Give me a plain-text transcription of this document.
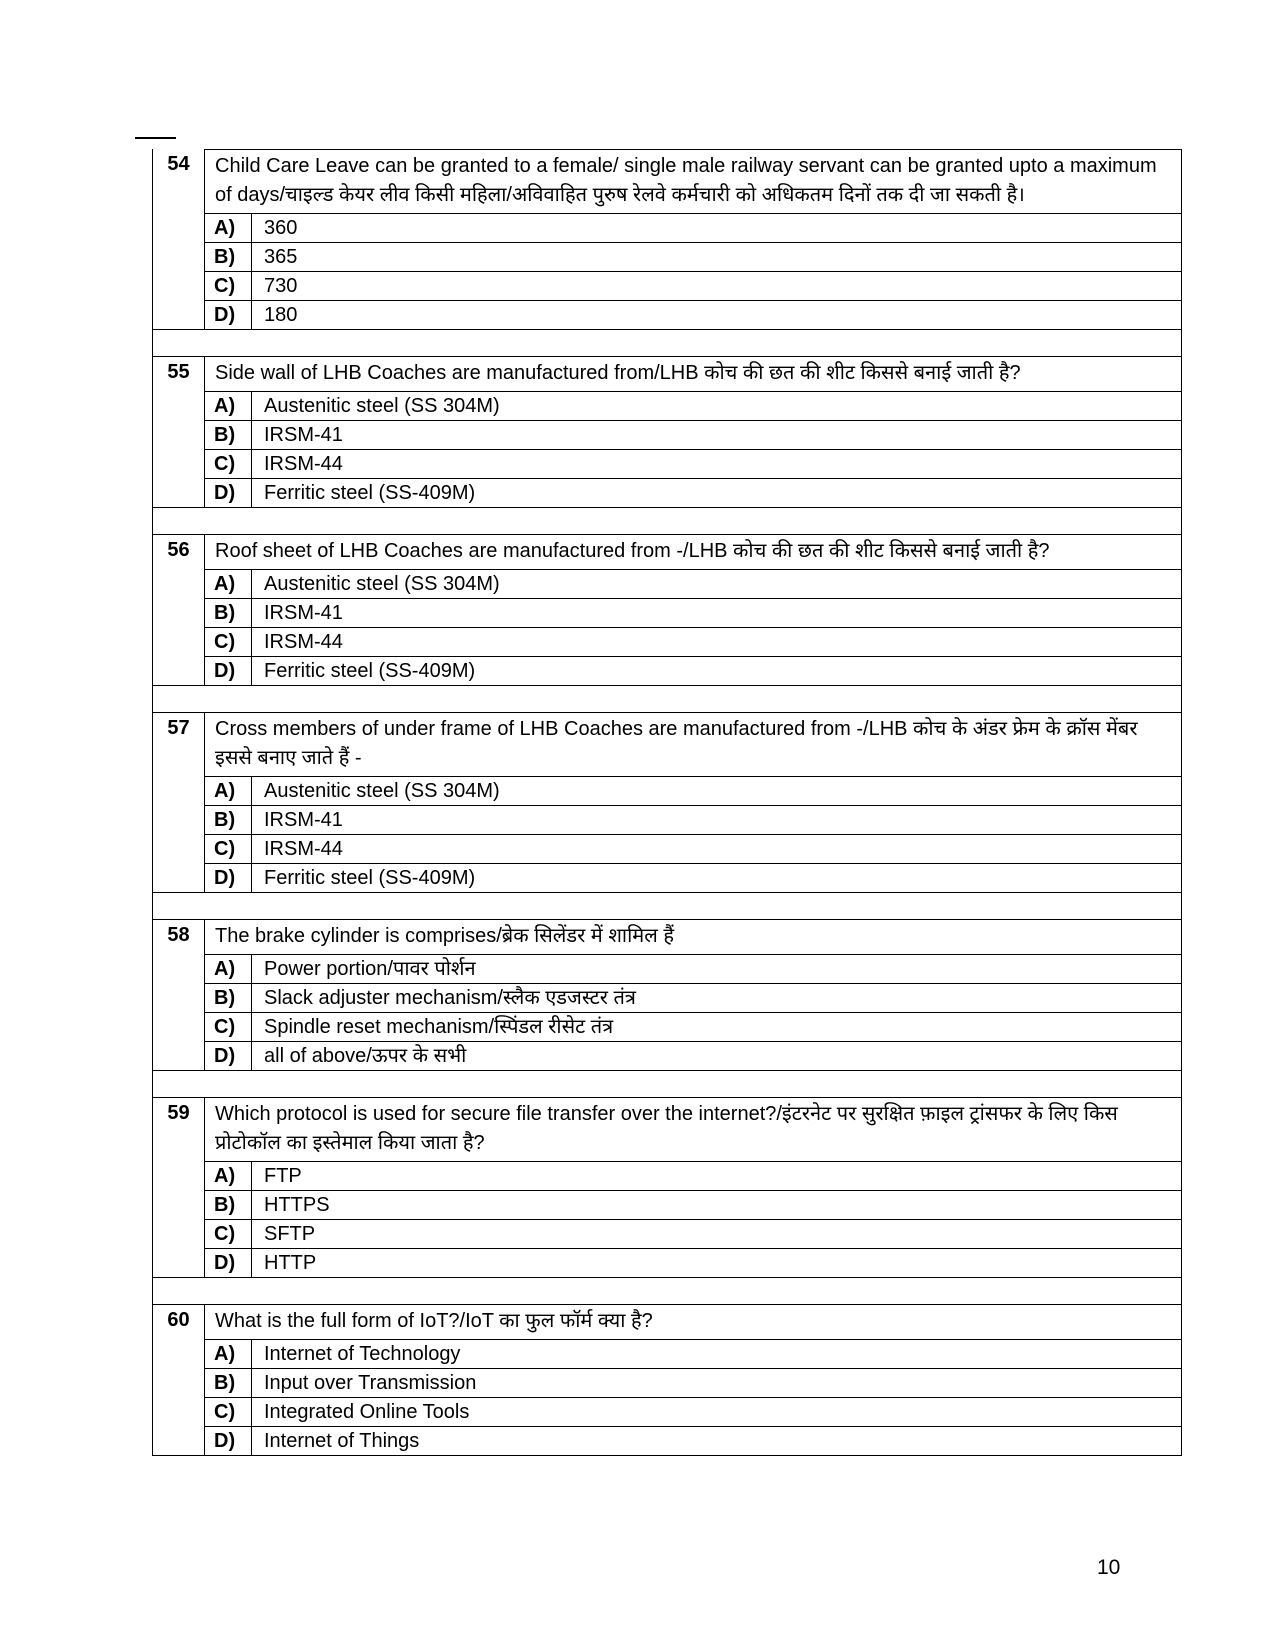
54	Child Care Leave can be granted to a female/ single male railway servant can be granted upto a maximum of days/चाइल्ड केयर लीव किसी महिला/अविवाहित पुरुष रेलवे कर्मचारी को अधिकतम दिनों तक दी जा सकती है।
A)	360
B)	365
C)	730
D)	180
55	Side wall of LHB Coaches are manufactured from/LHB कोच की छत की शीट किससे बनाई जाती है?
A)	Austenitic steel (SS 304M)
B)	IRSM-41
C)	IRSM-44
D)	Ferritic steel (SS-409M)
56	Roof sheet of LHB Coaches are manufactured from -/LHB कोच की छत की शीट किससे बनाई जाती है?
A)	Austenitic steel (SS 304M)
B)	IRSM-41
C)	IRSM-44
D)	Ferritic steel (SS-409M)
57	Cross members of under frame of LHB Coaches are manufactured from -/LHB कोच के अंडर फ्रेम के क्रॉस मेंबर इससे बनाए जाते हैं -
A)	Austenitic steel (SS 304M)
B)	IRSM-41
C)	IRSM-44
D)	Ferritic steel (SS-409M)
58	The brake cylinder is comprises/ब्रेक सिलेंडर में शामिल हैं
A)	Power portion/पावर पोर्शन
B)	Slack adjuster mechanism/स्लैक एडजस्टर तंत्र
C)	Spindle reset mechanism/स्पिंडल रीसेट तंत्र
D)	all of above/ऊपर के सभी
59	Which protocol is used for secure file transfer over the internet?/इंटरनेट पर सुरक्षित फ़ाइल ट्रांसफर के लिए किस प्रोटोकॉल का इस्तेमाल किया जाता है?
A)	FTP
B)	HTTPS
C)	SFTP
D)	HTTP
60	What is the full form of IoT?/IoT का फुल फॉर्म क्या है?
A)	Internet of Technology
B)	Input over Transmission
C)	Integrated Online Tools
D)	Internet of Things
10
